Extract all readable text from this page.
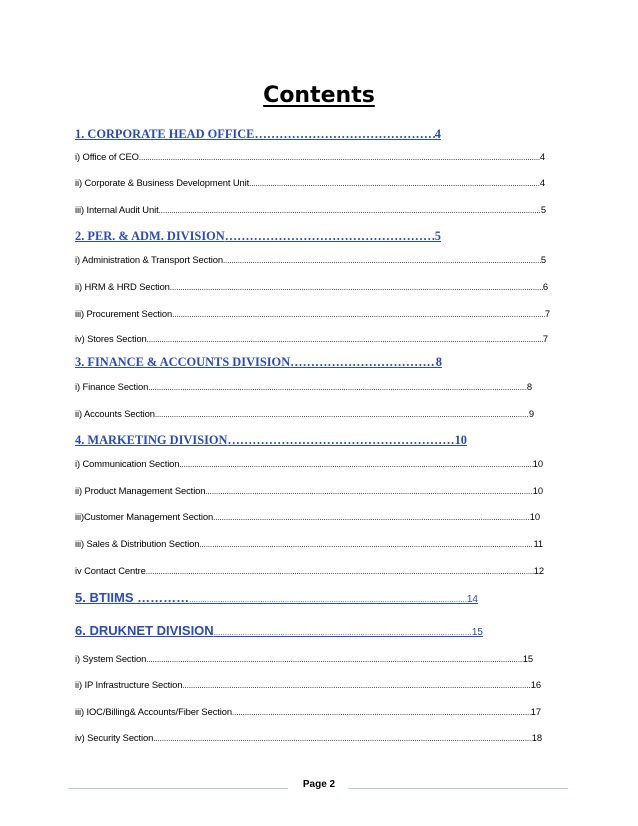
Contents
1. CORPORATE HEAD OFFICE ………………………………………………………………………………………………………………………………………………	4
i) Office of CEO .....	4
ii) Corporate & Business Development Unit .....	4
iii) Internal Audit Unit .....	5
2. PER. & ADM. DIVISION ………………………………………………………………………………………………………………………………………………	5
i) Administration & Transport Section .....	5
ii) HRM & HRD Section .....	6
iii) Procurement Section .....	7
iv) Stores Section .....	7
3. FINANCE & ACCOUNTS DIVISION ………………………………………………………………………………………………………………………………………………	8
i) Finance Section .....	8
ii) Accounts Section .....	9
4. MARKETING DIVISION ………………………………………………………………………………………………………………………………………………	10
i) Communication Section .....	10
ii) Product Management Section .....	10
iii)Customer Management Section .....	10
iii) Sales & Distribution Section .....	11
iv Contact Centre .....	12
5. BTIIMS ………… .....	14
6. DRUKNET DIVISION .....	15
i) System Section .....	15
ii) IP Infrastructure Section .....	16
iii) IOC/Billing& Accounts/Fiber Section .....	17
iv) Security Section .....	18
Page 2
